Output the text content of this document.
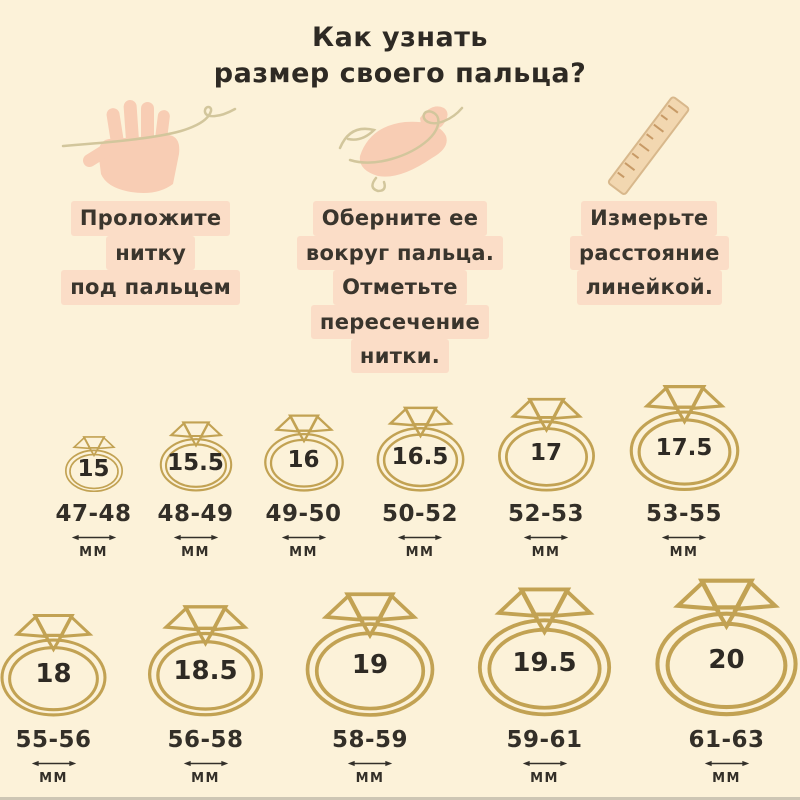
Как узнать
размер своего пальца?
Проложите
нитку
под пальцем
Оберните ее
вокруг пальца.
Отметьте
пересечение
нитки.
Измерьте
расстояние
линейкой.
15
47-48
ММ
15.5
48-49
ММ
16
49-50
ММ
16.5
50-52
ММ
17
52-53
ММ
17.5
53-55
ММ
18
55-56
ММ
18.5
56-58
ММ
19
58-59
ММ
19.5
59-61
ММ
20
61-63
ММ
